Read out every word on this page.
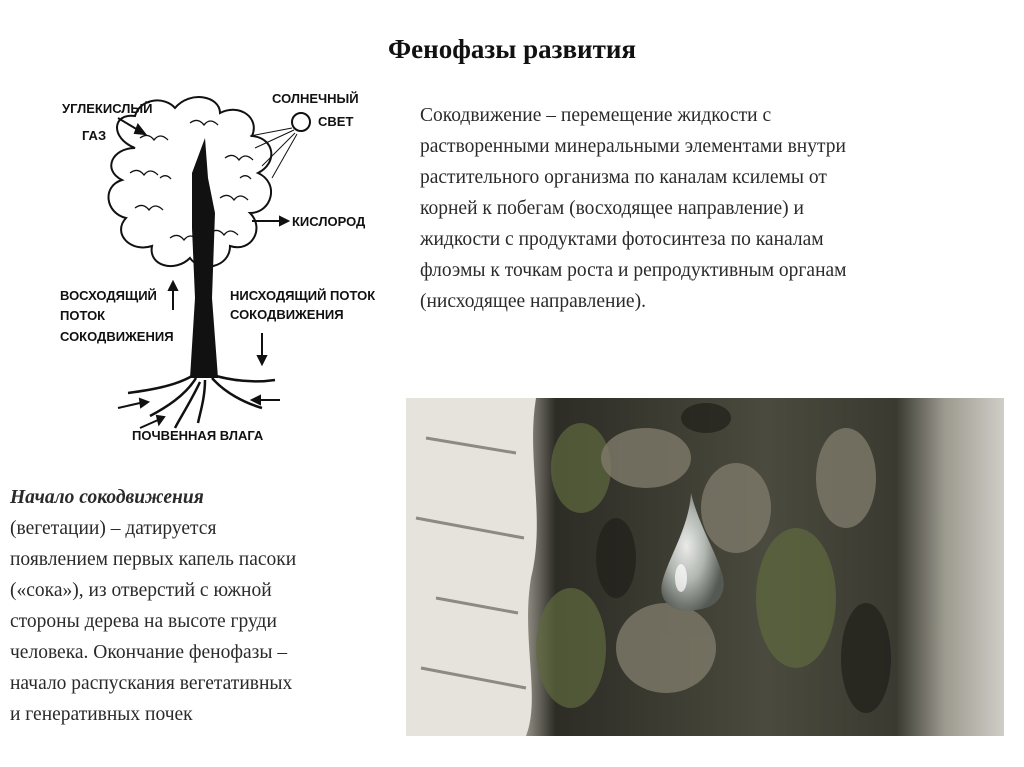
Фенофазы развития
УГЛЕКИСЛЫЙ
ГАЗ
СОЛНЕЧНЫЙ
СВЕТ
КИСЛОРОД
ВОСХОДЯЩИЙ
ПОТОК
СОКОДВИЖЕНИЯ
НИСХОДЯЩИЙ ПОТОК
СОКОДВИЖЕНИЯ
ПОЧВЕННАЯ ВЛАГА
Сокодвижение – перемещение жидкости с
растворенными минеральными элементами внутри
растительного организма по каналам ксилемы от
корней к побегам (восходящее направление) и
жидкости с продуктами фотосинтеза по каналам
флоэмы к точкам роста и репродуктивным органам
(нисходящее направление).
Начало сокодвижения
(вегетации) – датируется
появлением первых капель пасоки
(«сока»), из отверстий с южной
стороны дерева на высоте груди
человека. Окончание фенофазы –
начало распускания вегетативных
и генеративных почек
